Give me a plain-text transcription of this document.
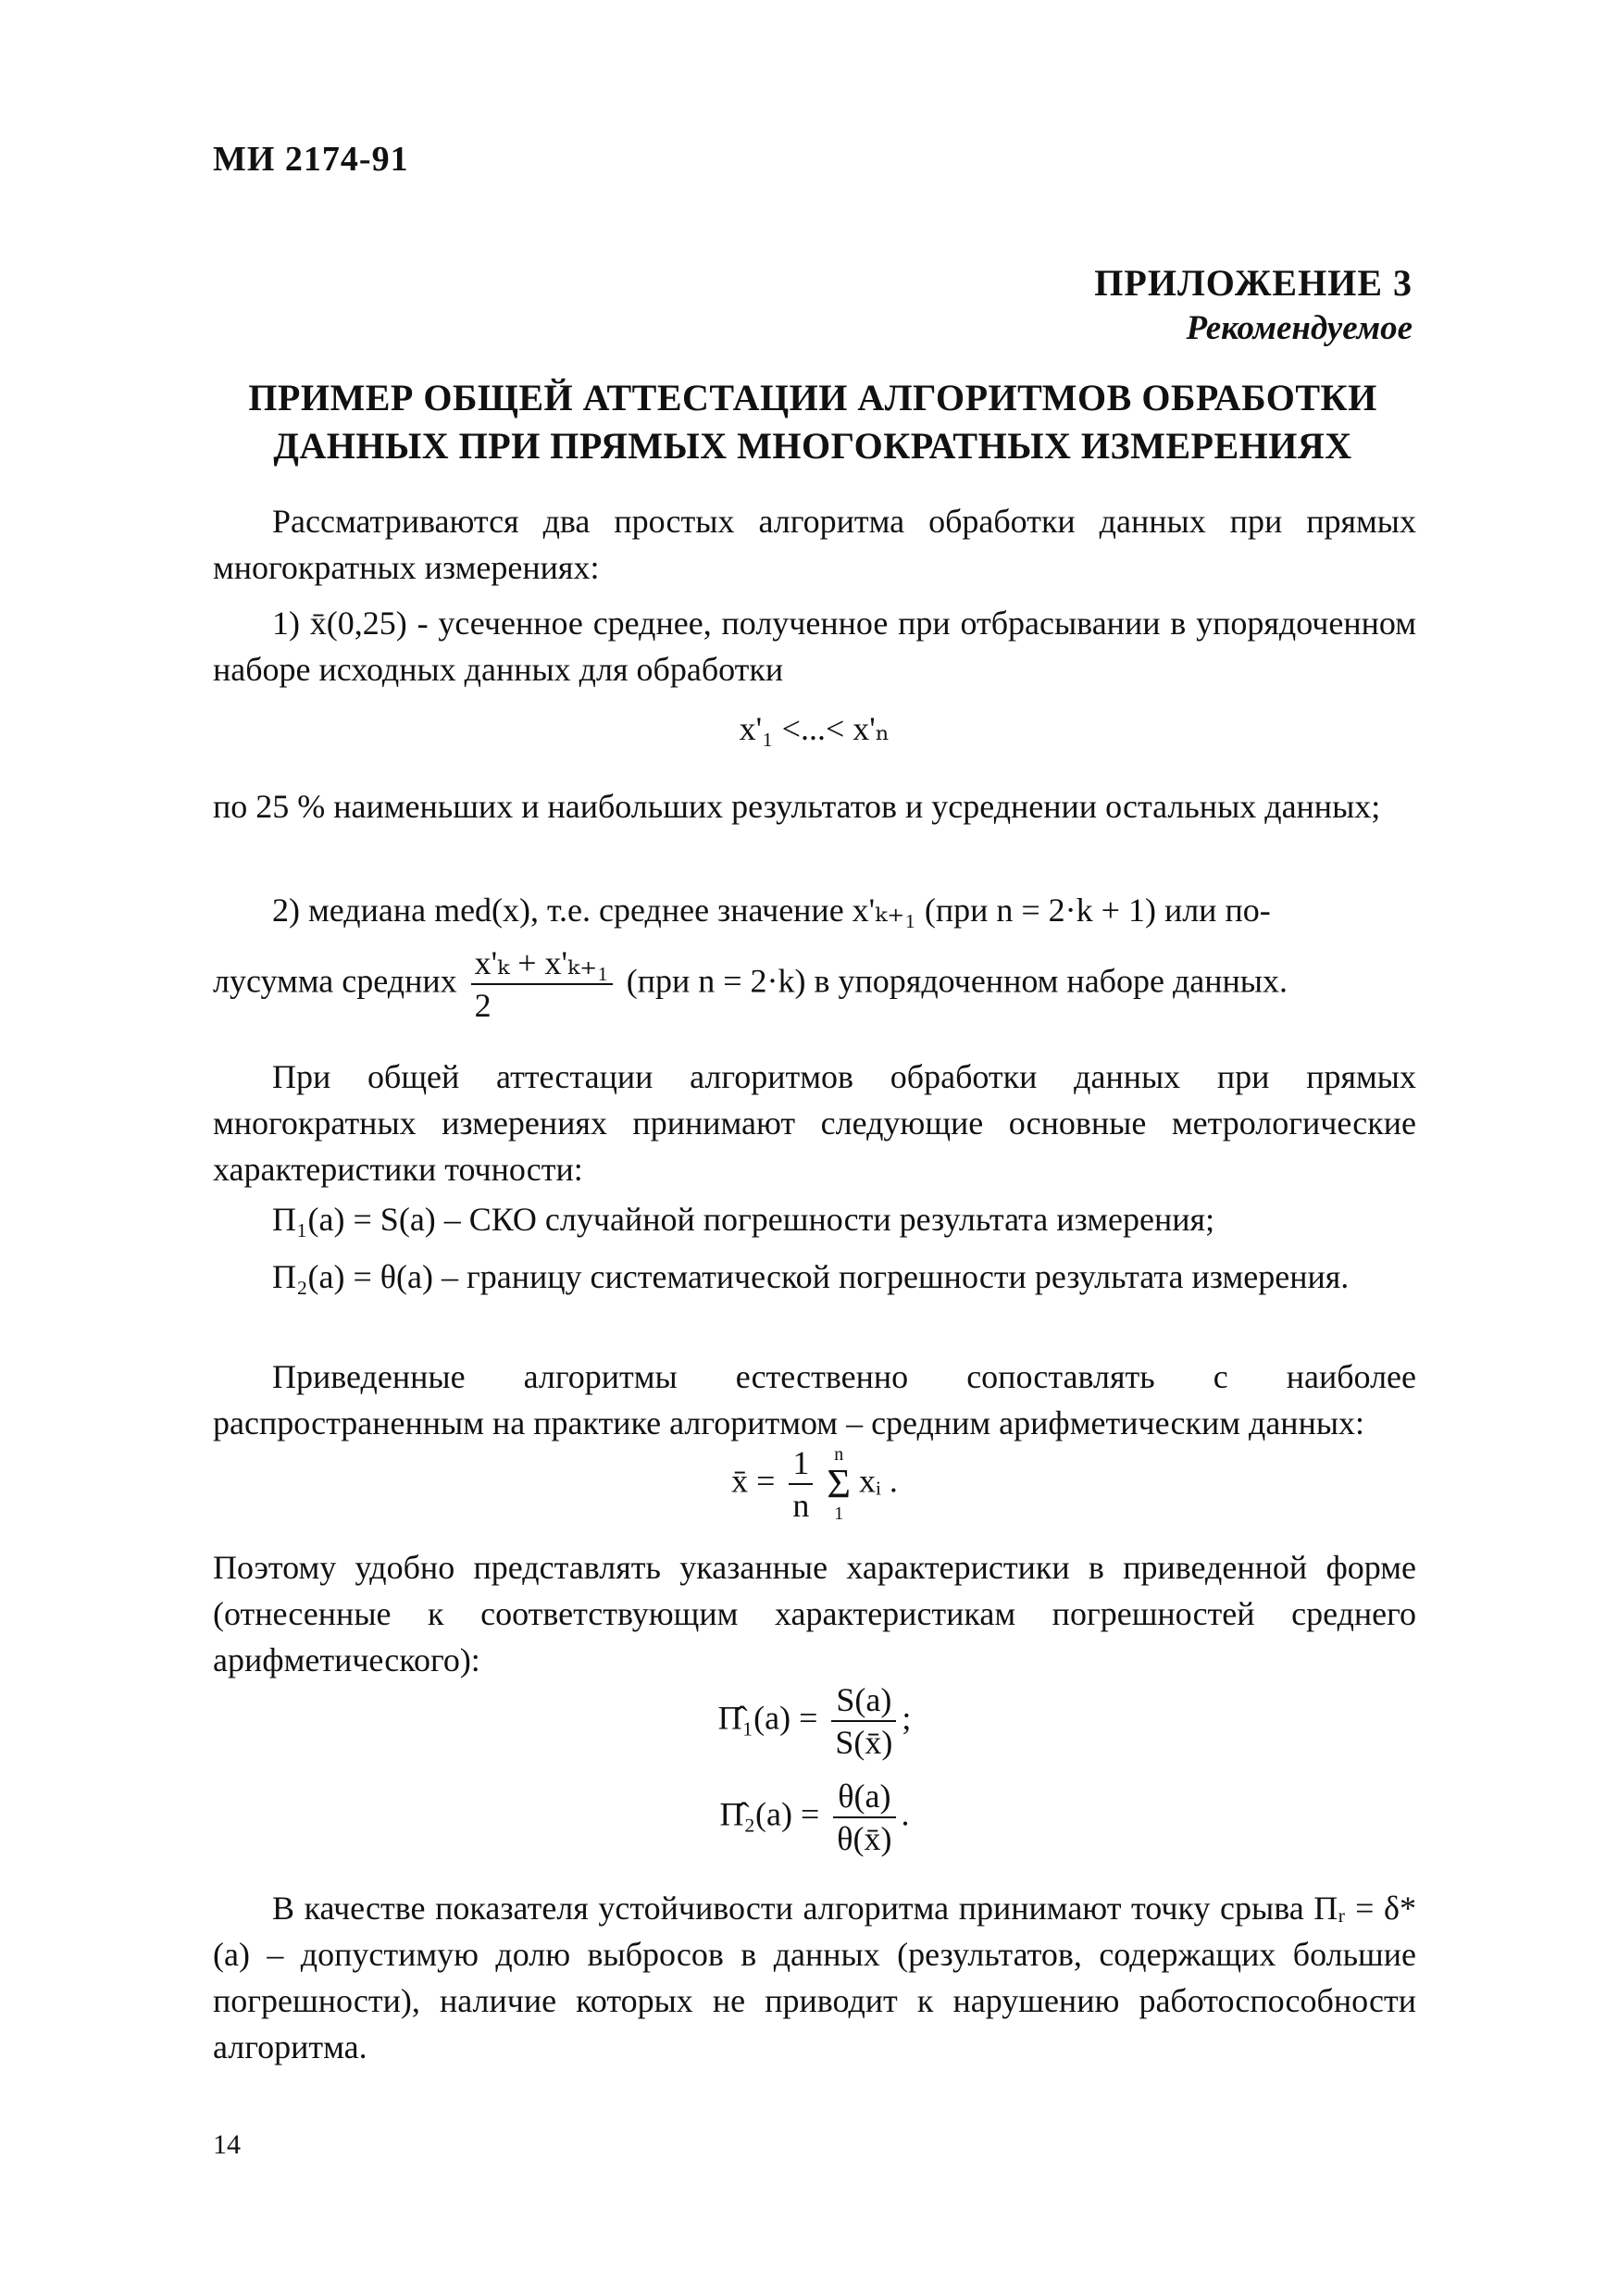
МИ 2174-91
ПРИЛОЖЕНИЕ 3
Рекомендуемое
ПРИМЕР ОБЩЕЙ АТТЕСТАЦИИ АЛГОРИТМОВ ОБРАБОТКИ
ДАННЫХ ПРИ ПРЯМЫХ МНОГОКРАТНЫХ ИЗМЕРЕНИЯХ
Рассматриваются два простых алгоритма обработки данных при прямых многократных измерениях:
1) x̄(0,25) - усеченное среднее, полученное при отбрасывании в упорядоченном наборе исходных данных для обработки
x'₁ <...< x'ₙ
по 25 % наименьших и наибольших результатов и усреднении остальных данных;
2) медиана med(x), т.е. среднее значение x'ₖ₊₁ (при n = 2·k + 1) или по-
лусумма средних $\frac{\text{x'ₖ + x'ₖ₊₁}}{2} (при$ n = 2·k) в упорядоченном наборе данных.
При общей аттестации алгоритмов обработки данных при прямых многократных измерениях принимают следующие основные метрологические характеристики точности:
П₁(a) = S(a) – СКО случайной погрешности результата измерения;
П₂(a) = θ(a) – границу систематической погрешности результата измерения.
Приведенные алгоритмы естественно сопоставлять с наиболее распространенным на практике алгоритмом – средним арифметическим данных:
x̄ = $\frac{1}{n}$
	n
Σ
1
xᵢ .
Поэтому удобно представлять указанные характеристики в приведенной форме (отнесенные к соответствующим характеристикам погрешностей среднего арифметического):
П̂₁(a) = $\frac{S(a)}{S(x̄)}$ ;
П̂₂(a) = $\frac{\theta(a)}{\theta(x̄)}$ .
В качестве показателя устойчивости алгоритма принимают точку срыва Пᵣ = δ*(a) – допустимую долю выбросов в данных (результатов, содержащих большие погрешности), наличие которых не приводит к нарушению работоспособности алгоритма.
14
